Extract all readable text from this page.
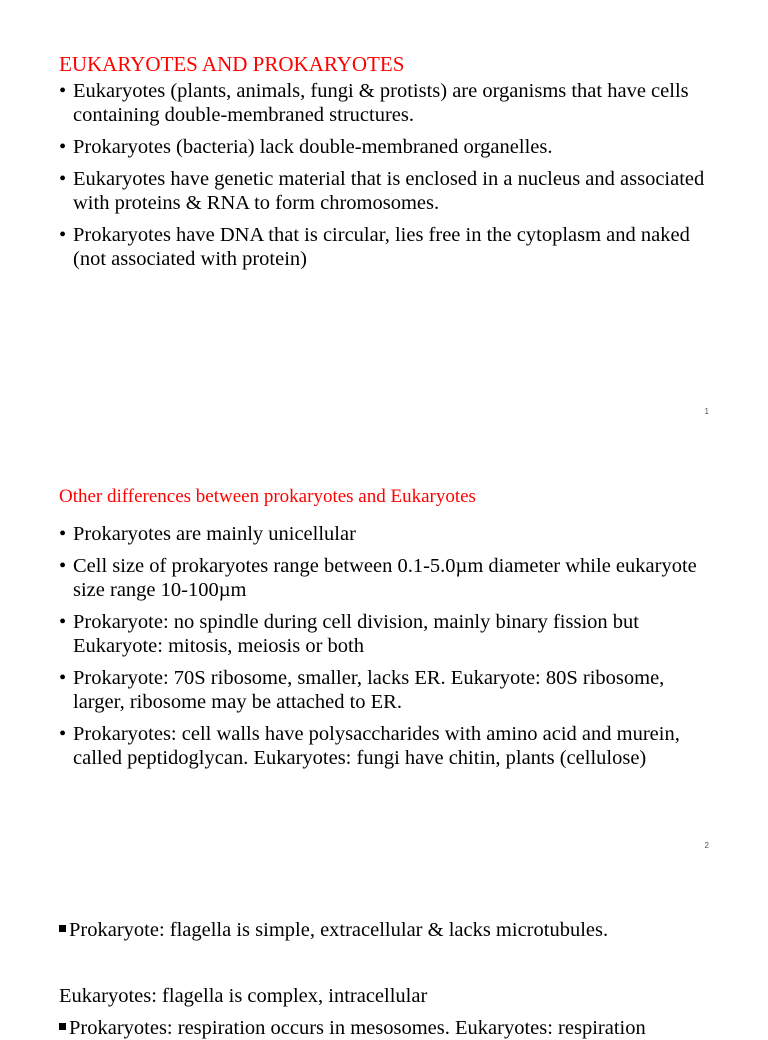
EUKARYOTES AND PROKARYOTES
• Eukaryotes (plants, animals, fungi & protists) are organisms that have cells containing double-membraned structures.
• Prokaryotes (bacteria) lack double-membraned organelles.
• Eukaryotes have genetic material that is enclosed in a nucleus and associated with proteins & RNA to form chromosomes.
• Prokaryotes have DNA that is circular, lies free in the cytoplasm and naked (not associated with protein)
1
Other differences between prokaryotes and Eukaryotes
• Prokaryotes are mainly unicellular
• Cell size of prokaryotes range between 0.1-5.0µm diameter while eukaryote size range 10-100µm
• Prokaryote: no spindle during cell division, mainly binary fission but Eukaryote: mitosis, meiosis or both
• Prokaryote: 70S ribosome, smaller, lacks ER. Eukaryote: 80S ribosome, larger, ribosome may be attached to ER.
• Prokaryotes: cell walls have polysaccharides with amino acid and murein, called peptidoglycan. Eukaryotes: fungi have chitin, plants (cellulose)
2
Prokaryote: flagella is simple, extracellular & lacks microtubules.
Eukaryotes: flagella is complex, intracellular
Prokaryotes: respiration occurs in mesosomes. Eukaryotes: respiration
